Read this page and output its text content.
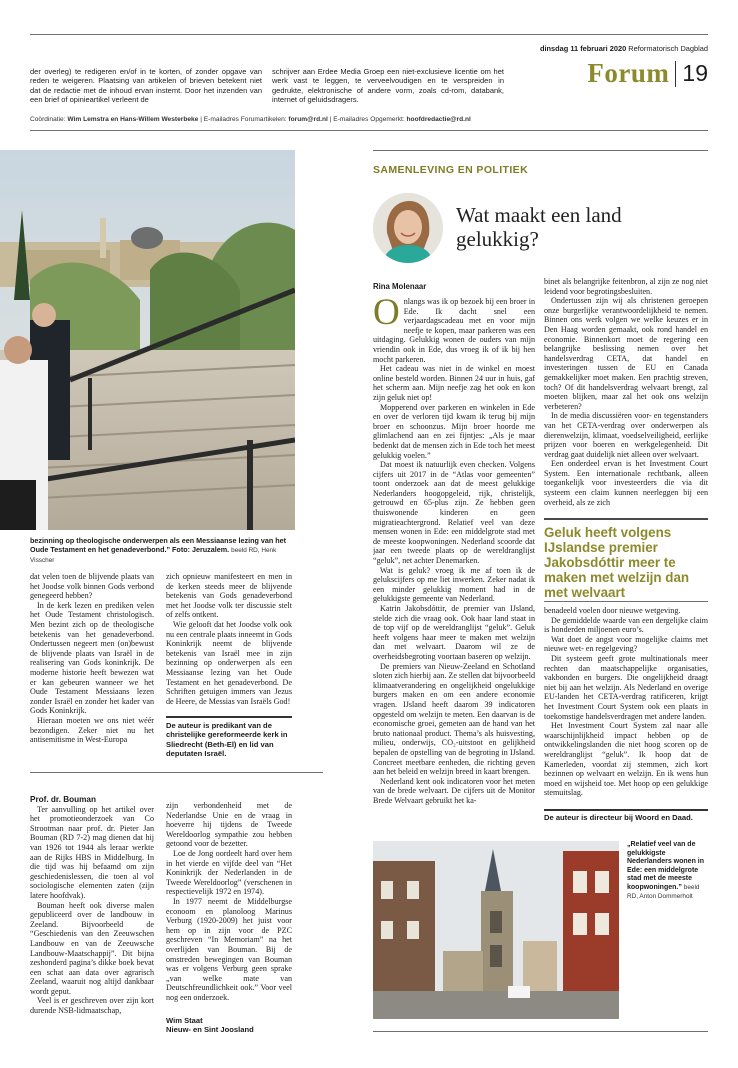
dinsdag 11 februari 2020 Reformatorisch Dagblad
Forum 19
der overleg) te redigeren en/of in te korten, of zonder opgave van reden te weigeren. Plaatsing van artikelen of brieven betekent niet dat de redactie met de inhoud ervan instemt. Door het inzenden van een brief of opinieartikel verleent de
schrijver aan Erdee Media Groep een niet-exclusieve licentie om het werk vast te leggen, te verveelvoudigen en te verspreiden in gedrukte, elektronische of andere vorm, zoals cd-rom, databank, internet of geluidsdragers.
Coördinatie: Wim Lemstra en Hans-Willem Westerbeke | E-mailadres Forumartikelen: forum@rd.nl | E-mailadres Opgemerkt: hoofdredactie@rd.nl
bezinning op theologische onderwerpen als een Messiaanse lezing van het Oude Testament en het genadeverbond.” Foto: Jeruzalem. beeld RD, Henk Visscher

dat velen toen de blijvende plaats van het Joodse volk binnen Gods verbond genegeerd hebben?

In de kerk lezen en prediken velen het Oude Testament christologisch. Men bezint zich op de theologische betekenis van het genadeverbond. Ondertussen negeert men (on)bewust de blijvende plaats van Israël in de realisering van Gods koninkrijk. De moderne historie heeft bewezen wat er kan gebeuren wanneer we het Oude Testament Messiaans lezen zonder Israël en zonder het kader van Gods Koninkrijk.

Hieraan moeten we ons niet wéér bezondigen. Zeker niet nu het antisemitisme in West-Europa

zich opnieuw manifesteert en men in de kerken steeds meer de blijvende betekenis van Gods genadeverbond met het Joodse volk ter discussie stelt of zelfs ontkent.

Wie gelooft dat het Joodse volk ook nu een centrale plaats inneemt in Gods Koninkrijk neemt de blijvende betekenis van Israël mee in zijn bezinning op onderwerpen als een Messiaanse lezing van het Oude Testament en het genadeverbond. De Schriften getuigen immers van Jezus de Heere, de Messias van Israëls God!

De auteur is predikant van de christelijke gereformeerde kerk in Sliedrecht (Beth-El) en lid van deputaten Israël.

Prof. dr. Bouman

Ter aanvulling op het artikel over het promotieonderzoek van Co Strootman naar prof. dr. Pieter Jan Bouman (RD 7-2) mag dienen dat hij van 1926 tot 1944 als leraar werkte aan de Rijks HBS in Middelburg. In die tijd was hij befaamd om zijn geschiedenislessen, die toen al vol sociologische elementen zaten (zijn latere hoofdvak).

Bouman heeft ook diverse malen gepubliceerd over de landbouw in Zeeland. Bijvoorbeeld de “Geschiedenis van den Zeeuwschen Landbouw en van de Zeeuwsche Landbouw-Maatschappij”. Dit bijna zeshonderd pagina’s dikke boek bevat een schat aan data over agrarisch Zeeland, waaruit nog altijd dankbaar wordt geput.

Veel is er geschreven over zijn kort durende NSB-lidmaatschap,

zijn verbondenheid met de Nederlandse Unie en de vraag in hoeverre hij tijdens de Tweede Wereldoorlog sympathie zou hebben getoond voor de bezetter.

Loe de Jong oordeelt hard over hem in het vierde en vijfde deel van “Het Koninkrijk der Nederlanden in de Tweede Wereldoorlog” (verschenen in respectievelijk 1972 en 1974).

In 1977 neemt de Middelburgse econoom en planoloog Marinus Verburg (1920-2009) het juist voor hem op in zijn voor de PZC geschreven “In Memoriam” na het overlijden van Bouman. Bij de omstreden bewegingen van Bouman was er volgens Verburg geen sprake „van welke mate van Deutschfreundlichkeit ook.” Voor veel nog een onderzoek.

Wim Staat
Nieuw- en Sint Joosland
SAMENLEVING EN POLITIEK
Wat maakt een land gelukkig?
Rina Molenaar

O nlangs was ik op bezoek bij een broer in Ede. Ik dacht snel een verjaardagscadeau met en voor mijn neefje te kopen, maar parkeren was een uitdaging. Gelukkig wonen de ouders van mijn vriendin ook in Ede, dus vroeg ik of ik bij hen mocht parkeren.

Het cadeau was niet in de winkel en moest online besteld worden. Binnen 24 uur in huis, gaf het scherm aan. Mijn neefje zag het ook en kon zijn geluk niet op!

Mopperend over parkeren en winkelen in Ede en over de verloren tijd kwam ik terug bij mijn broer en schoonzus. Mijn broer hoorde me glimlachend aan en zei fijntjes: „Als je maar bedenkt dat de mensen zich in Ede toch het meest gelukkig voelen.”

Dat moest ik natuurlijk even checken. Volgens cijfers uit 2017 in de “Atlas voor gemeenten” toont onderzoek aan dat de meest gelukkige Nederlanders hoogopgeleid, rijk, christelijk, getrouwd en 65-plus zijn. Ze hebben geen thuiswonende kinderen en geen migratieachtergrond. Relatief veel van deze mensen wonen in Ede: een middelgrote stad met de meeste koopwoningen. Nederland scoorde dat jaar een tweede plaats op de wereldranglijst “geluk”, net achter Denemarken.

Wat is geluk? vroeg ik me af toen ik de gelukscijfers op me liet inwerken. Zeker nadat ik een minder gelukkig moment had in de gelukkigste gemeente van Nederland.

Katrin Jakobsdóttir, de premier van IJsland, stelde zich die vraag ook. Ook haar land staat in de top vijf op de wereldranglijst “geluk”. Geluk heeft volgens haar meer te maken met welzijn dan met welvaart. Daarom wil ze de overheidsbegroting voortaan baseren op welzijn.

De premiers van Nieuw-Zeeland en Schotland sloten zich hierbij aan. Ze stellen dat bijvoorbeeld klimaatverandering en ongelijkheid ongelukkige burgers maken en om een andere economie vragen. IJsland heeft daarom 39 indicatoren opgesteld om welzijn te meten. Een daarvan is de economische groei, gemeten aan de hand van het bruto nationaal product. Thema’s als huisvesting, milieu, onderwijs, CO₂-uitstoot en gelijkheid bepalen de opstelling van de begroting in IJsland. Concreet meetbare eenheden, die richting geven aan het beleid en welzijn breed in kaart brengen.

Nederland kent ook indicatoren voor het meten van de brede welvaart. De cijfers uit de Monitor Brede Welvaart gebruikt het ka-

binet als belangrijke feitenbron, al zijn ze nog niet leidend voor begrotingsbesluiten.

Ondertussen zijn wij als christenen geroepen onze burgerlijke verantwoordelijkheid te nemen. Binnen ons werk volgen we welke keuzes er in Den Haag worden gemaakt, ook rond handel en economie. Binnenkort moet de regering een belangrijke beslissing nemen over het handelsverdrag CETA, dat handel en investeringen tussen de EU en Canada gemakkelijker moet maken. Een prachtig streven, toch? Of dit handelsverdrag welvaart brengt, zal moeten blijken, maar zal het ook ons welzijn verbeteren?

In de media discussiëren voor- en tegenstanders van het CETA-verdrag over onderwerpen als dierenwelzijn, klimaat, voedselveiligheid, eerlijke prijzen voor boeren en werkgelegenheid. Dit verdrag gaat duidelijk niet alleen over welvaart.

Een onderdeel ervan is het Investment Court System. Een internationale rechtbank, alleen toegankelijk voor investeerders die via dit systeem een claim kunnen neerleggen bij een overheid, als ze zich

Geluk heeft volgens IJslandse premier Jakobsdóttir meer te maken met welzijn dan met welvaart

benadeeld voelen door nieuwe wetgeving.

De gemiddelde waarde van een dergelijke claim is honderden miljoenen euro’s.

Wat doet de angst voor mogelijke claims met nieuwe wet- en regelgeving?

Dit systeem geeft grote multinationals meer rechten dan maatschappelijke organisaties, vakbonden en burgers. Die ongelijkheid draagt niet bij aan het welzijn. Als Nederland en overige EU-landen het CETA-verdrag ratificeren, krijgt het Investment Court System ook een plaats in toekomstige handelsverdragen met andere landen.

Het Investment Court System zal naar alle waarschijnlijkheid impact hebben op de ontwikkelingslanden die niet hoog scoren op de wereldranglijst “geluk”. Ik hoop dat de Kamerleden, voordat zij stemmen, zich kort bezinnen op welvaart en welzijn. En ik wens hun moed en wijsheid toe. Met hoop op een gelukkige stemuitslag.

De auteur is directeur bij Woord en Daad.
„Relatief veel van de gelukkigste Nederlanders wonen in Ede: een middelgrote stad met de meeste koopwoningen.” beeld RD, Anton Dommerholt
